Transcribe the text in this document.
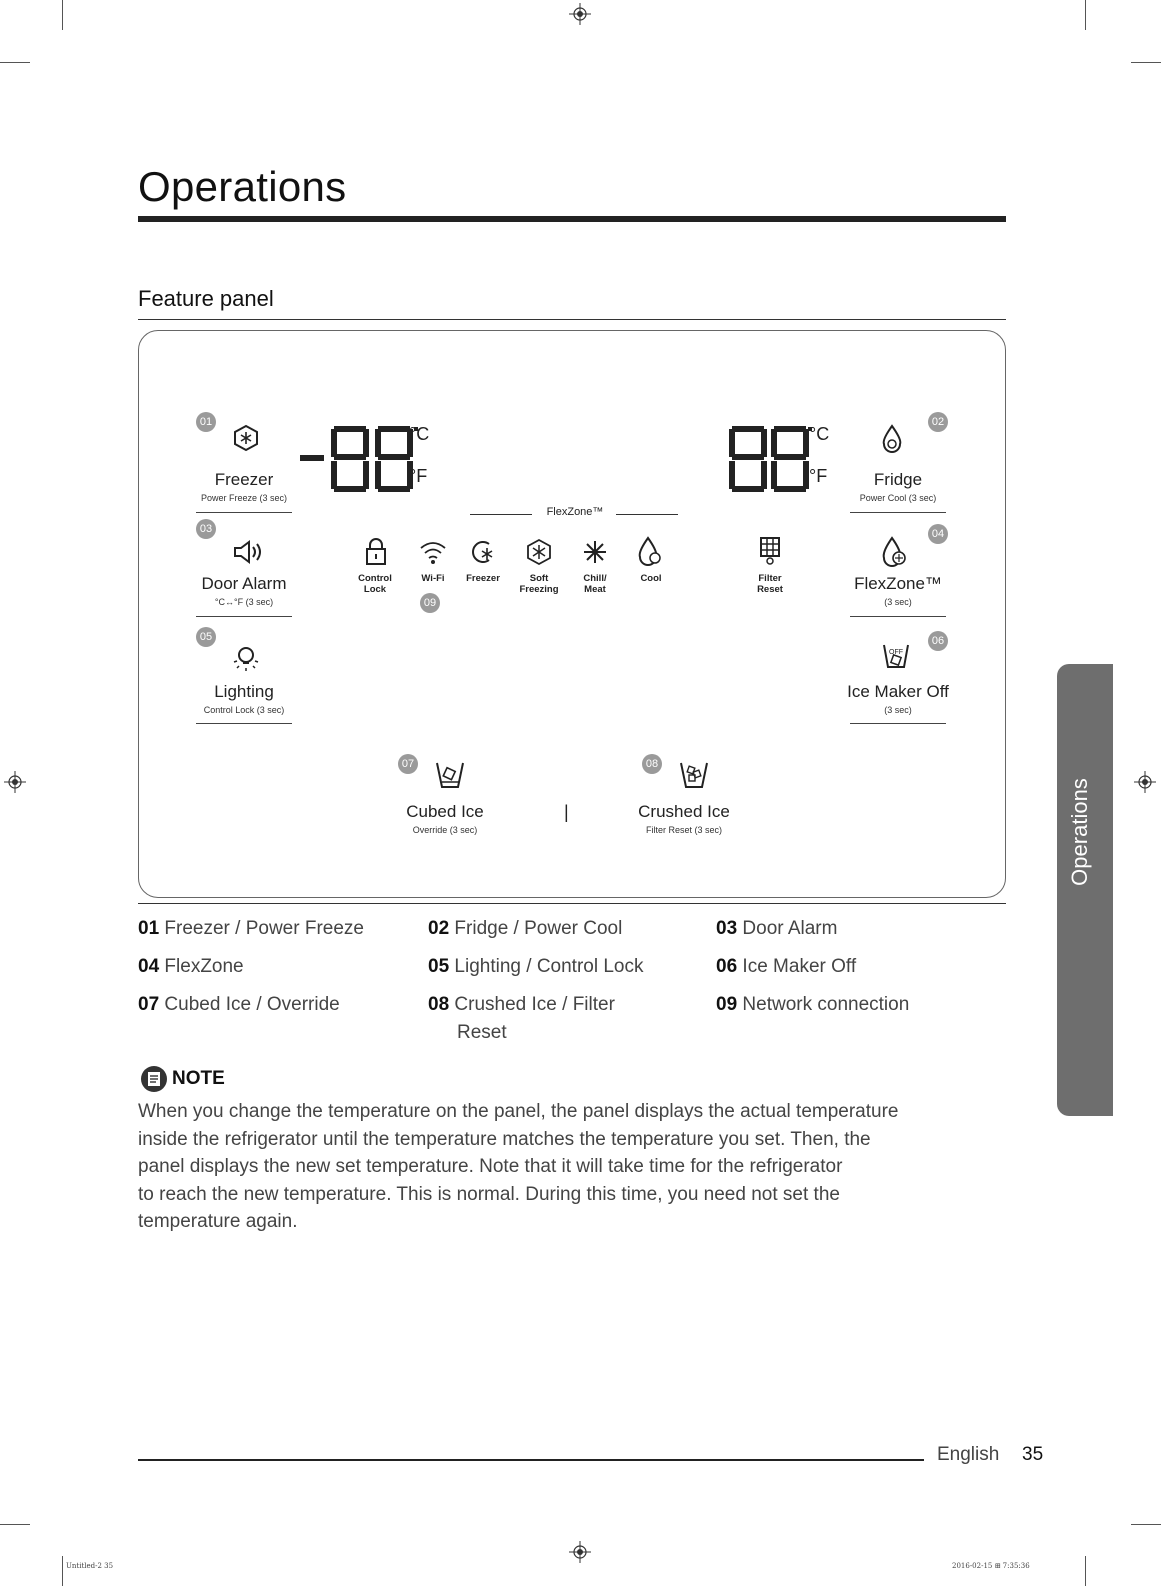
Operations
Feature panel
°C
°F
°C
°F
FlexZone™
01
Freezer
Power Freeze (3 sec)
03
Door Alarm
°C↔°F (3 sec)
05
Lighting
Control Lock (3 sec)
02
Fridge
Power Cool (3 sec)
04
FlexZone™
(3 sec)
06
OFF
Ice Maker Off
(3 sec)
Control
Lock
Wi-Fi
09
Freezer	Soft
Freezing
Chill/
Meat
Cool	Filter
Reset
07
Cubed Ice
Override (3 sec)
|
08
Crushed Ice
Filter Reset (3 sec)
01 Freezer / Power Freeze	02 Fridge / Power Cool	03 Door Alarm
04 FlexZone	05 Lighting / Control Lock	06 Ice Maker Off
07 Cubed Ice / Override	08 Crushed Ice / Filter
Reset
09 Network connection
NOTE
When you change the temperature on the panel, the panel displays the actual temperature
inside the refrigerator until the temperature matches the temperature you set. Then, the
panel displays the new set temperature. Note that it will take time for the refrigerator
to reach the new temperature. This is normal. During this time, you need not set the
temperature again.
Operations
English 35
Untitled-2 35	2016-02-15 ⊞ 7:35:36
